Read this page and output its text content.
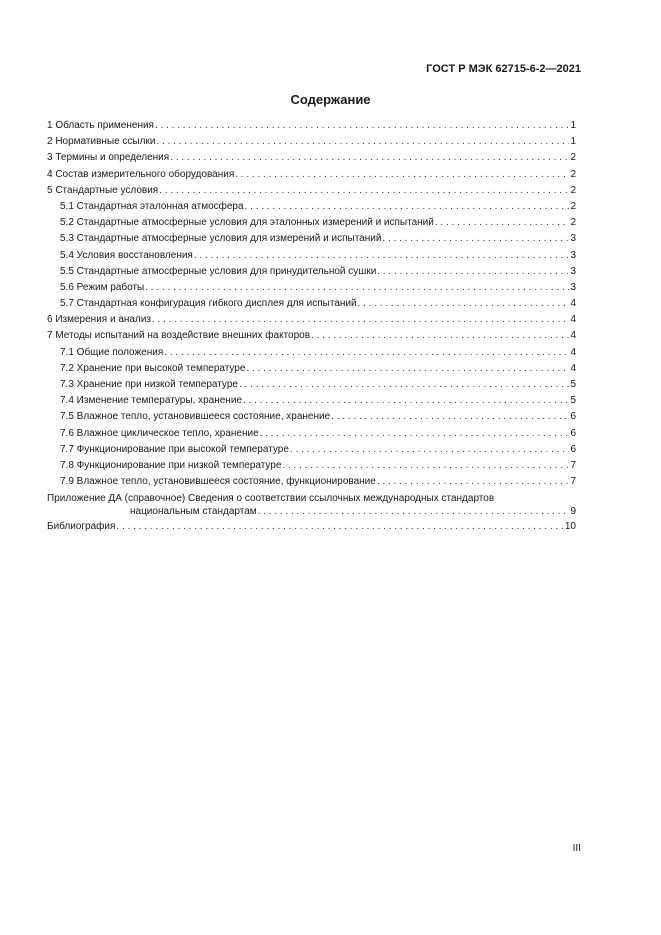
ГОСТ Р МЭК 62715-6-2—2021
Содержание
1 Область применения . . .	1
2 Нормативные ссылки . . .	1
3 Термины и определения . . .	2
4 Состав измерительного оборудования . . .	2
5 Стандартные условия . . .	2
5.1 Стандартная эталонная атмосфера . . .	2
5.2 Стандартные атмосферные условия для эталонных измерений и испытаний . . .	2
5.3 Стандартные атмосферные условия для измерений и испытаний . . .	3
5.4 Условия восстановления . . .	3
5.5 Стандартные атмосферные условия для принудительной сушки . . .	3
5.6 Режим работы . . .	3
5.7 Стандартная конфигурация гибкого дисплея для испытаний . . .	4
6 Измерения и анализ . . .	4
7 Методы испытаний на воздействие внешних факторов . . .	4
7.1 Общие положения . . .	4
7.2 Хранение при высокой температуре . . .	4
7.3 Хранение при низкой температуре . . .	5
7.4 Изменение температуры, хранение . . .	5
7.5 Влажное тепло, установившееся состояние, хранение . . .	6
7.6 Влажное циклическое тепло, хранение . . .	6
7.7 Функционирование при высокой температуре . . .	6
7.8 Функционирование при низкой температуре . . .	7
7.9 Влажное тепло, установившееся состояние, функционирование . . .	7
Приложение ДА (справочное) Сведения о соответствии ссылочных международных стандартов
национальным стандартам . . .	9
Библиография . . .	10
III
